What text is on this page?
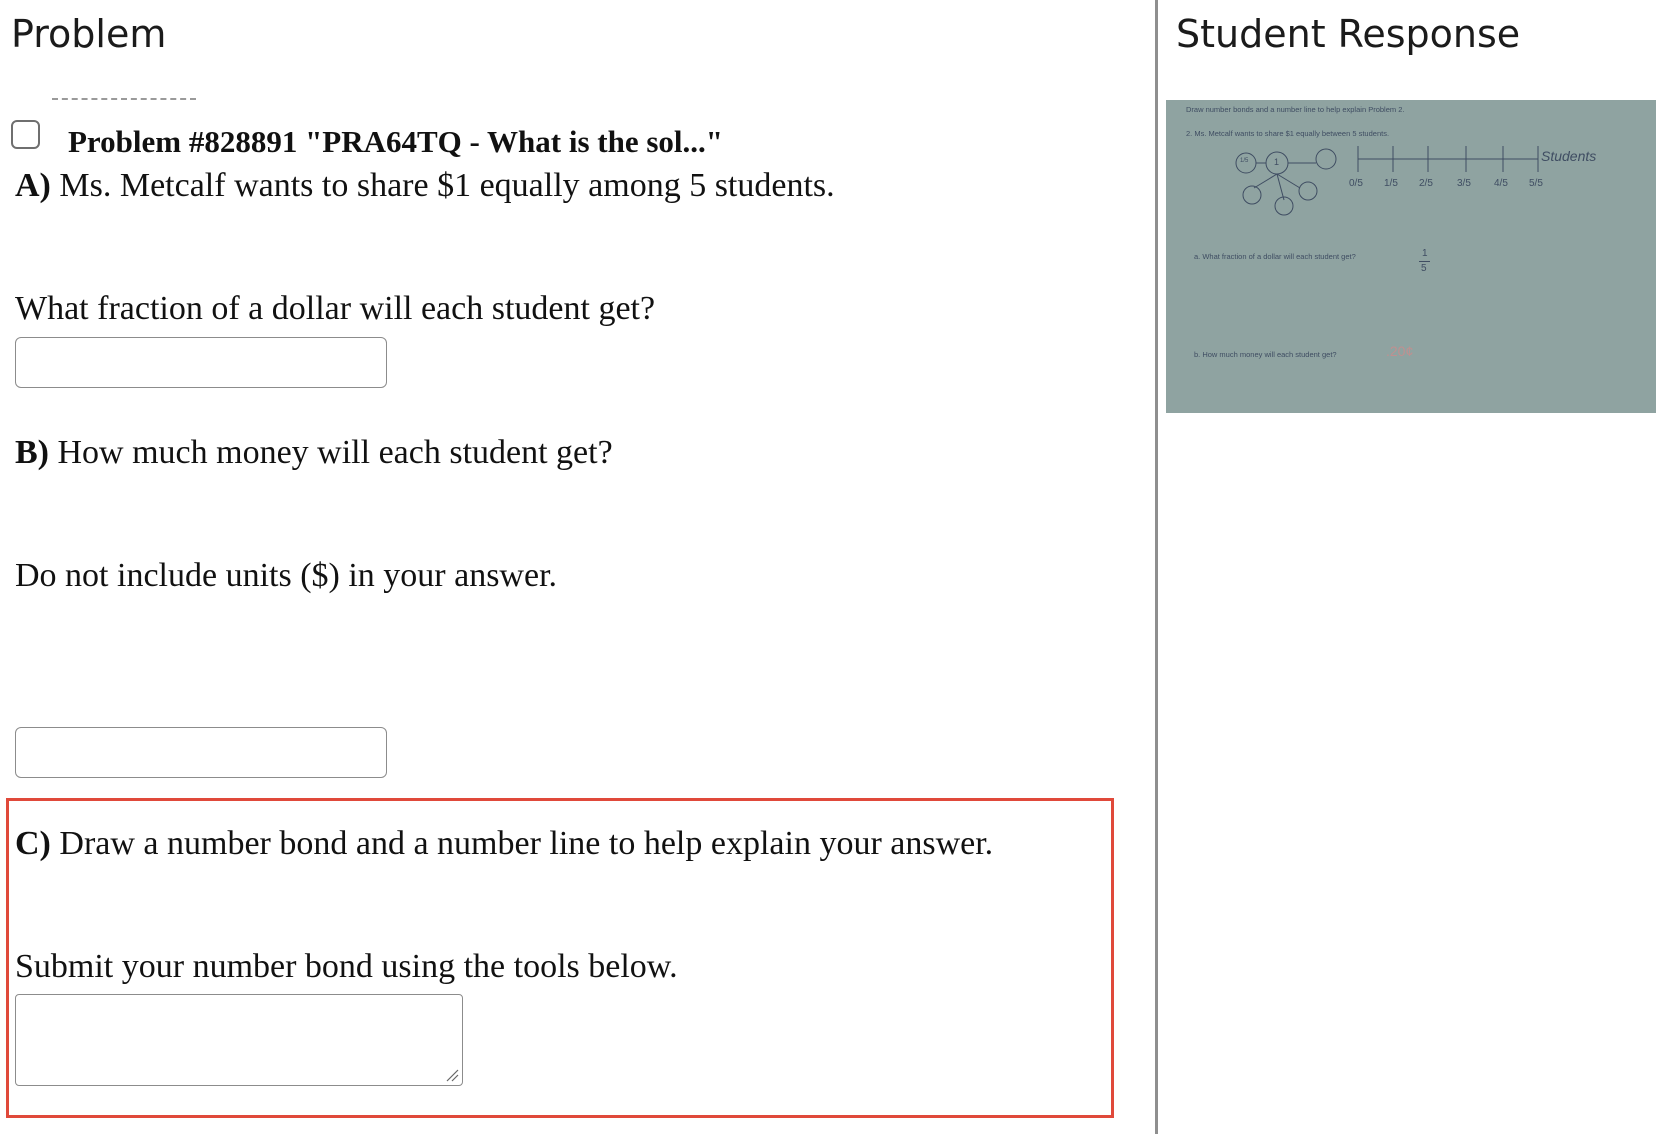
Problem
Problem #828891 "PRA64TQ - What is the sol..."
A) Ms. Metcalf wants to share $1 equally among 5 students.
What fraction of a dollar will each student get?
B) How much money will each student get?
Do not include units ($) in your answer.
C) Draw a number bond and a number line to help explain your answer.
Submit your number bond using the tools below.
Student Response
Draw number bonds and a number line to help explain Problem 2.
2. Ms. Metcalf wants to share $1 equally between 5 students.
1
1/5	Students
0/5 1/5 2/5 3/5 4/5 5/5
a. What fraction of a dollar will each student get?	1
5
b. How much money will each student get?	.20¢
